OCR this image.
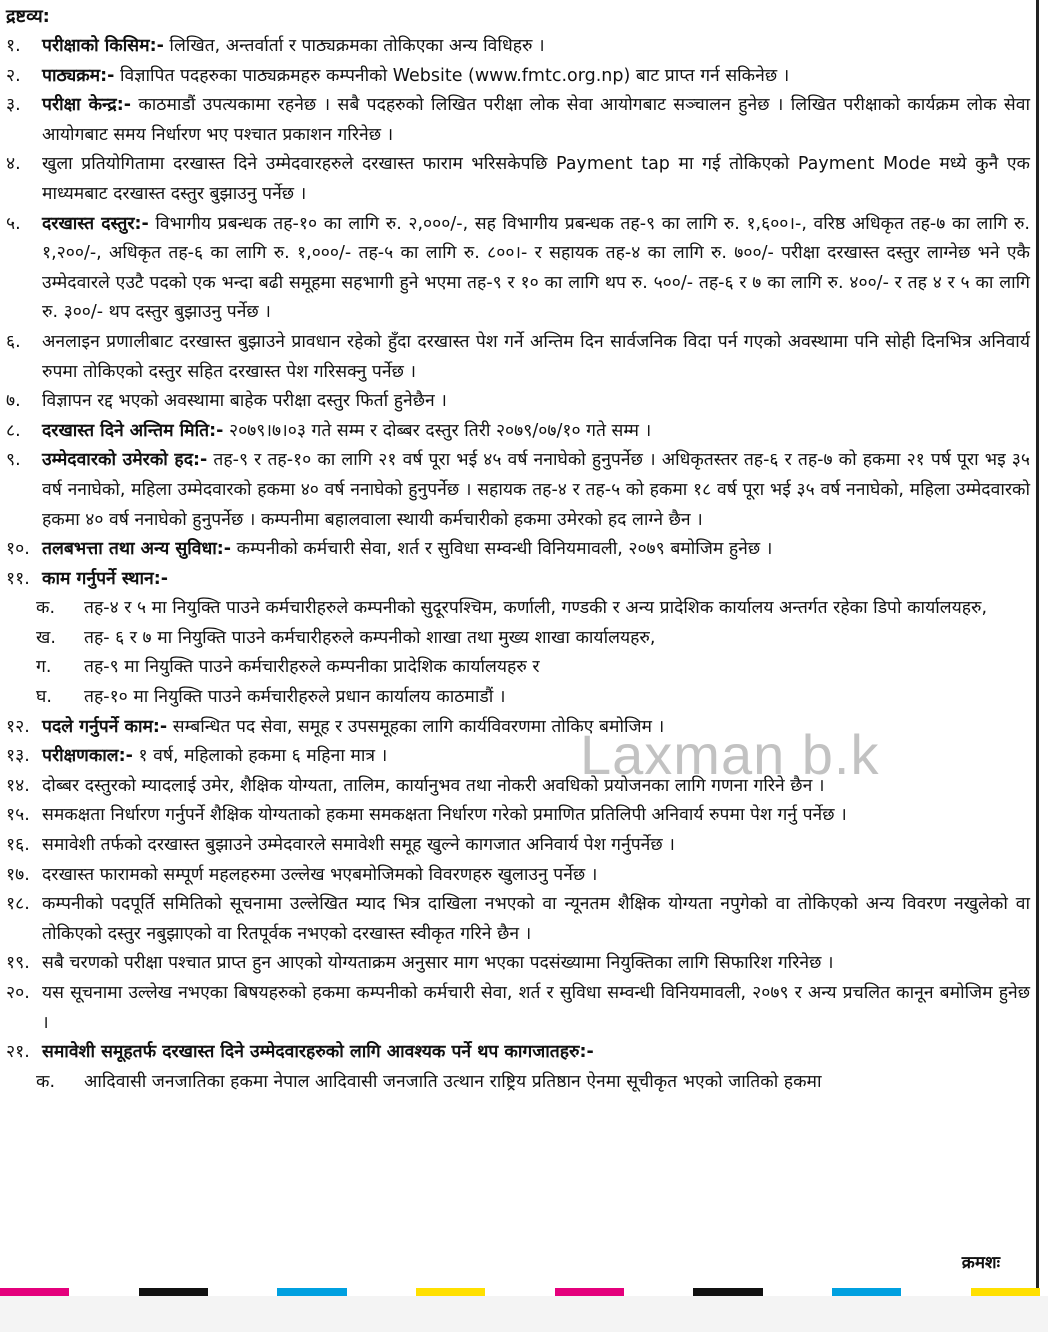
द्रष्टव्य:
१.	परीक्षाको किसिम:- लिखित, अन्तर्वार्ता र पाठ्यक्रमका तोकिएका अन्य विधिहरु ।
२.	पाठ्यक्रम:- विज्ञापित पदहरुका पाठ्यक्रमहरु कम्पनीको Website (www.fmtc.org.np) बाट प्राप्त गर्न सकिनेछ ।
३.	परीक्षा केन्द्र:- काठमाडौं उपत्यकामा रहनेछ । सबै पदहरुको लिखित परीक्षा लोक सेवा आयोगबाट सञ्चालन हुनेछ । लिखित परीक्षाको कार्यक्रम लोक सेवा आयोगबाट समय निर्धारण भए पश्चात प्रकाशन गरिनेछ ।
४.	खुला प्रतियोगितामा दरखास्त दिने उम्मेदवारहरुले दरखास्त फाराम भरिसकेपछि Payment tap मा गई तोकिएको Payment Mode मध्ये कुनै एक माध्यमबाट दरखास्त दस्तुर बुझाउनु पर्नेछ ।
५.	दरखास्त दस्तुर:- विभागीय प्रबन्धक तह-१० का लागि रु. २,०००/-, सह विभागीय प्रबन्धक तह-९ का लागि रु. १,६००।-, वरिष्ठ अधिकृत तह-७ का लागि रु. १,२००/-, अधिकृत तह-६ का लागि रु. १,०००/- तह-५ का लागि रु. ८००।- र सहायक तह-४ का लागि रु. ७००/- परीक्षा दरखास्त दस्तुर लाग्नेछ भने एकै उम्मेदवारले एउटै पदको एक भन्दा बढी समूहमा सहभागी हुने भएमा तह-९ र १० का लागि थप रु. ५००/- तह-६ र ७ का लागि रु. ४००/- र तह ४ र ५ का लागि रु. ३००/- थप दस्तुर बुझाउनु पर्नेछ ।
६.	अनलाइन प्रणालीबाट दरखास्त बुझाउने प्रावधान रहेको हुँदा दरखास्त पेश गर्ने अन्तिम दिन सार्वजनिक विदा पर्न गएको अवस्थामा पनि सोही दिनभित्र अनिवार्य रुपमा तोकिएको दस्तुर सहित दरखास्त पेश गरिसक्नु पर्नेछ ।
७.	विज्ञापन रद्द भएको अवस्थामा बाहेक परीक्षा दस्तुर फिर्ता हुनेछैन ।
८.	दरखास्त दिने अन्तिम मिति:- २०७९।७।०३ गते सम्म र दोब्बर दस्तुर तिरी २०७९/०७/१० गते सम्म ।
९.	उम्मेदवारको उमेरको हद:- तह-९ र तह-१० का लागि २१ वर्ष पूरा भई ४५ वर्ष ननाघेको हुनुपर्नेछ । अधिकृतस्तर तह-६ र तह-७ को हकमा २१ पर्ष पूरा भइ ३५ वर्ष ननाघेको, महिला उम्मेदवारको हकमा ४० वर्ष ननाघेको हुनुपर्नेछ । सहायक तह-४ र तह-५ को हकमा १८ वर्ष पूरा भई ३५ वर्ष ननाघेको, महिला उम्मेदवारको हकमा ४० वर्ष ननाघेको हुनुपर्नेछ । कम्पनीमा बहालवाला स्थायी कर्मचारीको हकमा उमेरको हद लाग्ने छैन ।
१०. तलबभत्ता तथा अन्य सुविधा:- कम्पनीको कर्मचारी सेवा, शर्त र सुविधा सम्वन्धी विनियमावली, २०७९ बमोजिम हुनेछ ।
११. काम गर्नुपर्ने स्थान:-
क.	तह-४ र ५ मा नियुक्ति पाउने कर्मचारीहरुले कम्पनीको सुदूरपश्चिम, कर्णाली, गण्डकी र अन्य प्रादेशिक कार्यालय अन्तर्गत रहेका डिपो कार्यालयहरु,
ख.	तह- ६ र ७ मा नियुक्ति पाउने कर्मचारीहरुले कम्पनीको शाखा तथा मुख्य शाखा कार्यालयहरु,
ग.	तह-९ मा नियुक्ति पाउने कर्मचारीहरुले कम्पनीका प्रादेशिक कार्यालयहरु र
घ.	तह-१० मा नियुक्ति पाउने कर्मचारीहरुले प्रधान कार्यालय काठमाडौं ।
१२. पदले गर्नुपर्ने काम:- सम्बन्धित पद सेवा, समूह र उपसमूहका लागि कार्यविवरणमा तोकिए बमोजिम ।
१३. परीक्षणकाल:- १ वर्ष, महिलाको हकमा ६ महिना मात्र ।
१४. दोब्बर दस्तुरको म्यादलाई उमेर, शैक्षिक योग्यता, तालिम, कार्यानुभव तथा नोकरी अवधिको प्रयोजनका लागि गणना गरिने छैन ।
१५. समकक्षता निर्धारण गर्नुपर्ने शैक्षिक योग्यताको हकमा समकक्षता निर्धारण गरेको प्रमाणित प्रतिलिपी अनिवार्य रुपमा पेश गर्नु पर्नेछ ।
१६. समावेशी तर्फको दरखास्त बुझाउने उम्मेदवारले समावेशी समूह खुल्ने कागजात अनिवार्य पेश गर्नुपर्नेछ ।
१७. दरखास्त फारामको सम्पूर्ण महलहरुमा उल्लेख भएबमोजिमको विवरणहरु खुलाउनु पर्नेछ ।
१८. कम्पनीको पदपूर्ति समितिको सूचनामा उल्लेखित म्याद भित्र दाखिला नभएको वा न्यूनतम शैक्षिक योग्यता नपुगेको वा तोकिएको अन्य विवरण नखुलेको वा तोकिएको दस्तुर नबुझाएको वा रितपूर्वक नभएको दरखास्त स्वीकृत गरिने छैन ।
१९. सबै चरणको परीक्षा पश्चात प्राप्त हुन आएको योग्यताक्रम अनुसार माग भएका पदसंख्यामा नियुक्तिका लागि सिफारिश गरिनेछ ।
२०. यस सूचनामा उल्लेख नभएका बिषयहरुको हकमा कम्पनीको कर्मचारी सेवा, शर्त र सुविधा सम्वन्धी विनियमावली, २०७९ र अन्य प्रचलित कानून बमोजिम हुनेछ ।
२१. समावेशी समूहतर्फ दरखास्त दिने उम्मेदवारहरुको लागि आवश्यक पर्ने थप कागजातहरु:-
क.	आदिवासी जनजातिका हकमा नेपाल आदिवासी जनजाति उत्थान राष्ट्रिय प्रतिष्ठान ऐनमा सूचीकृत भएको जातिको हकमा
Laxman b.k
क्रमशः
